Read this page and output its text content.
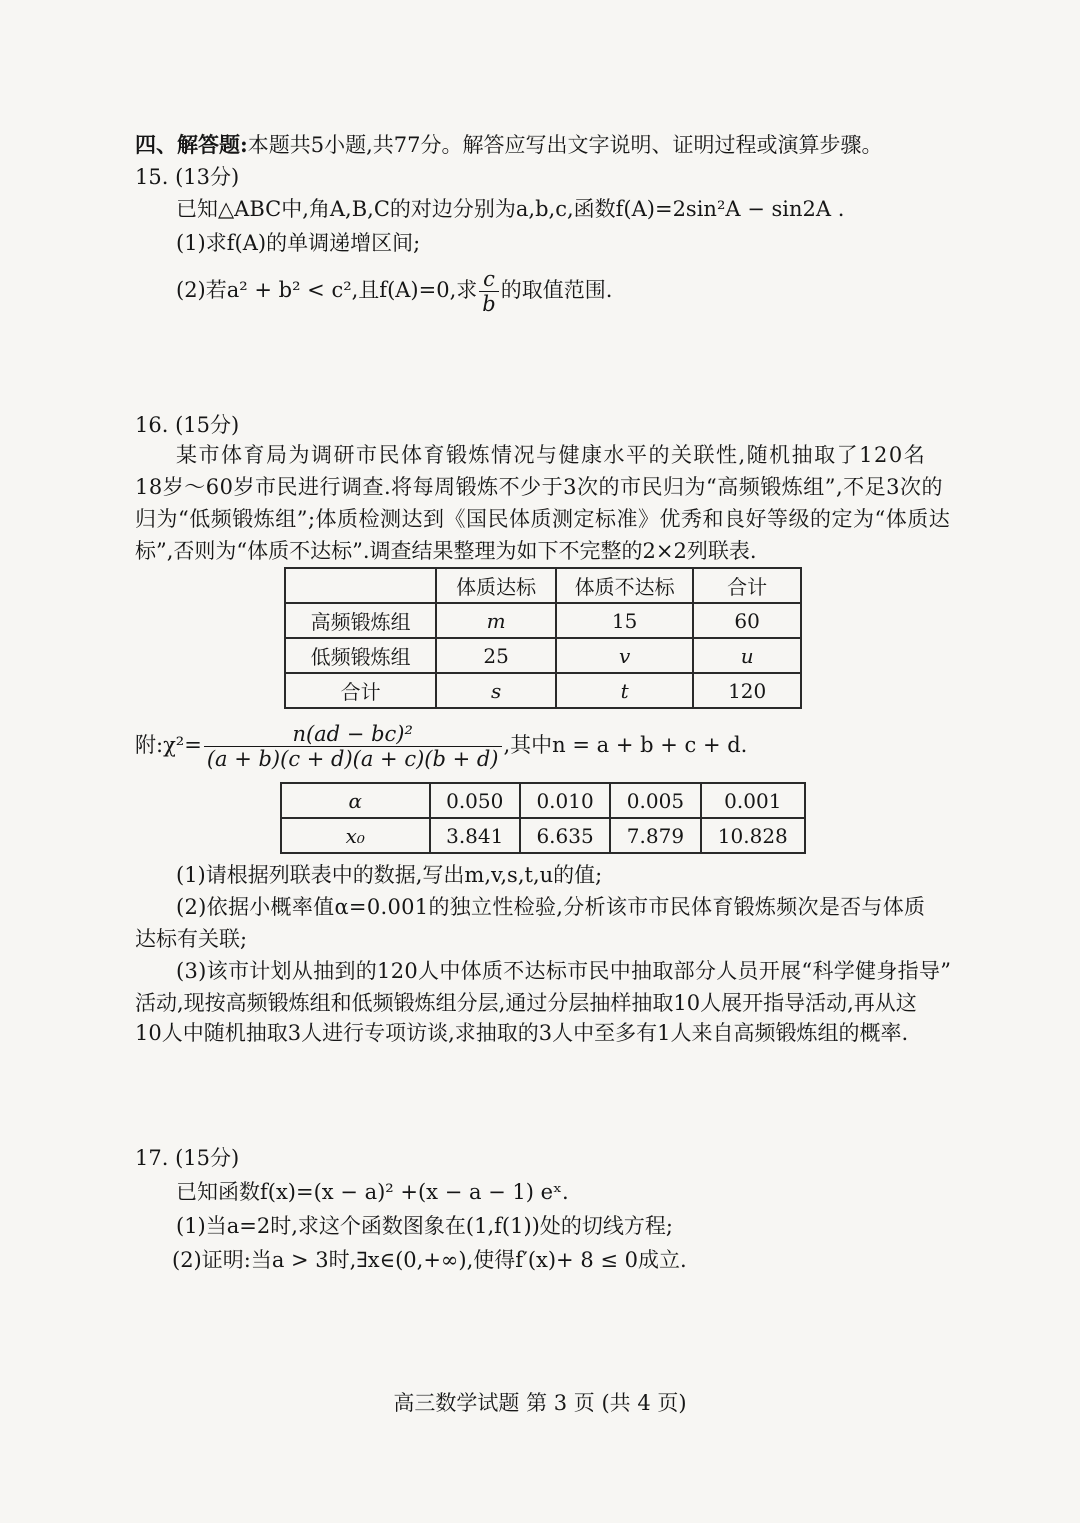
四、解答题:本题共5小题,共77分。解答应写出文字说明、证明过程或演算步骤。
15. (13分)
已知△ABC中,角A,B,C的对边分别为a,b,c,函数f(A)=2sin²A − sin2A .
(1)求f(A)的单调递增区间;
(2)若a² + b² < c²,且f(A)=0,求 $\frac{c}{b}$ 的取值范围.
16. (15分)
某市体育局为调研市民体育锻炼情况与健康水平的关联性,随机抽取了120名
18岁～60岁市民进行调查.将每周锻炼不少于3次的市民归为“高频锻炼组”,不足3次的
归为“低频锻炼组”;体质检测达到《国民体质测定标准》优秀和良好等级的定为“体质达
标”,否则为“体质不达标”.调查结果整理为如下不完整的2×2列联表.
	体质达标	体质不达标	合计
高频锻炼组	m	15	60
低频锻炼组	25	v	u
合计	s	t	120
附:χ²= $\frac{\text{n(ad − bc)²}}{(a + b)(c + d)(a + c)(b + d)}$ ,其中n = a + b + c + d.
α	0.050	0.010	0.005	0.001
x₀	3.841	6.635	7.879	10.828
(1)请根据列联表中的数据,写出m,v,s,t,u的值;
(2)依据小概率值α=0.001的独立性检验,分析该市市民体育锻炼频次是否与体质
达标有关联;
(3)该市计划从抽到的120人中体质不达标市民中抽取部分人员开展“科学健身指导”
活动,现按高频锻炼组和低频锻炼组分层,通过分层抽样抽取10人展开指导活动,再从这
10人中随机抽取3人进行专项访谈,求抽取的3人中至多有1人来自高频锻炼组的概率.
17. (15分)
已知函数f(x)=(x − a)² +(x − a − 1) eˣ.
(1)当a=2时,求这个函数图象在(1,f(1))处的切线方程;
(2)证明:当a > 3时,∃x∈(0,+∞),使得f′(x)+ 8 ≤ 0成立.
高三数学试题 第 3 页 (共 4 页)
